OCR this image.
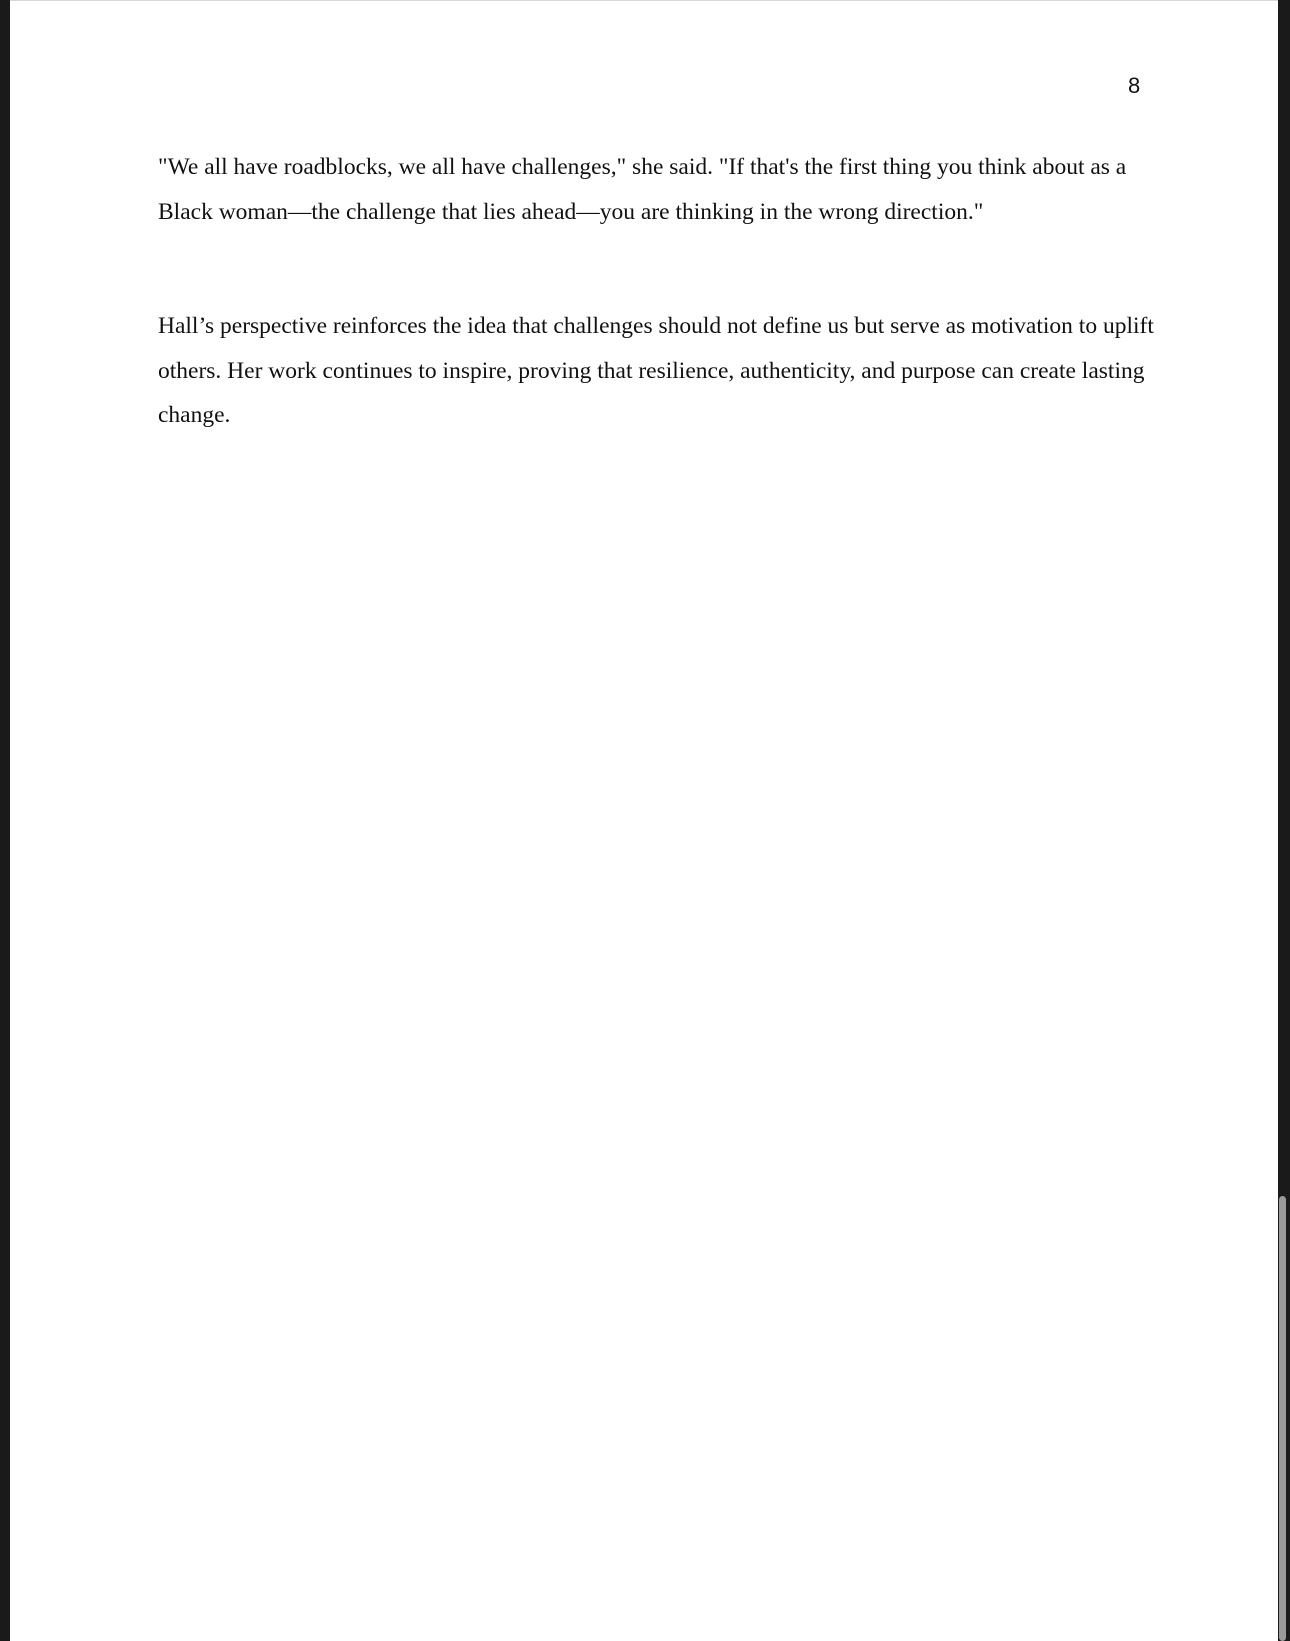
8

"We all have roadblocks, we all have challenges," she said. "If that's the first thing you think about as a Black woman—the challenge that lies ahead—you are thinking in the wrong direction."

Hall’s perspective reinforces the idea that challenges should not define us but serve as motivation to uplift others. Her work continues to inspire, proving that resilience, authenticity, and purpose can create lasting change.
